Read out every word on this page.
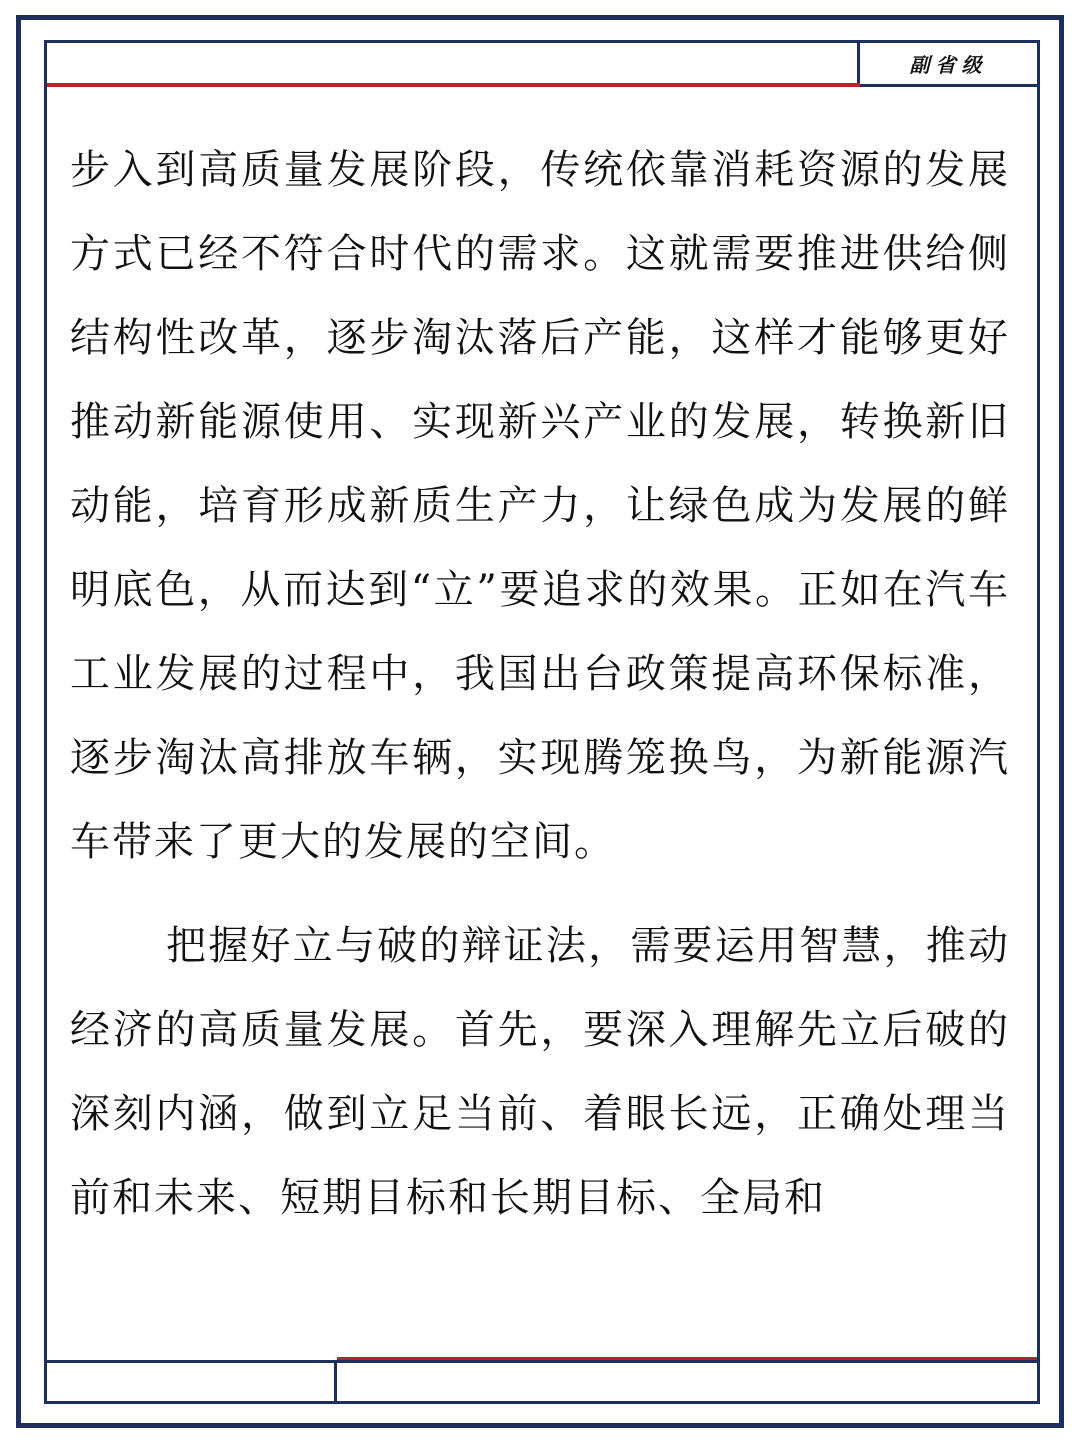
副省级

步入到高质量发展阶段，传统依靠消耗资源的发展方式已经不符合时代的需求。这就需要推进供给侧结构性改革，逐步淘汰落后产能，这样才能够更好推动新能源使用、实现新兴产业的发展，转换新旧动能，培育形成新质生产力，让绿色成为发展的鲜明底色，从而达到“立”要追求的效果。正如在汽车工业发展的过程中，我国出台政策提高环保标准，逐步淘汰高排放车辆，实现腾笼换鸟，为新能源汽车带来了更大的发展的空间。

把握好立与破的辩证法，需要运用智慧，推动经济的高质量发展。首先，要深入理解先立后破的深刻内涵，做到立足当前、着眼长远，正确处理当前和未来、短期目标和长期目标、全局和
